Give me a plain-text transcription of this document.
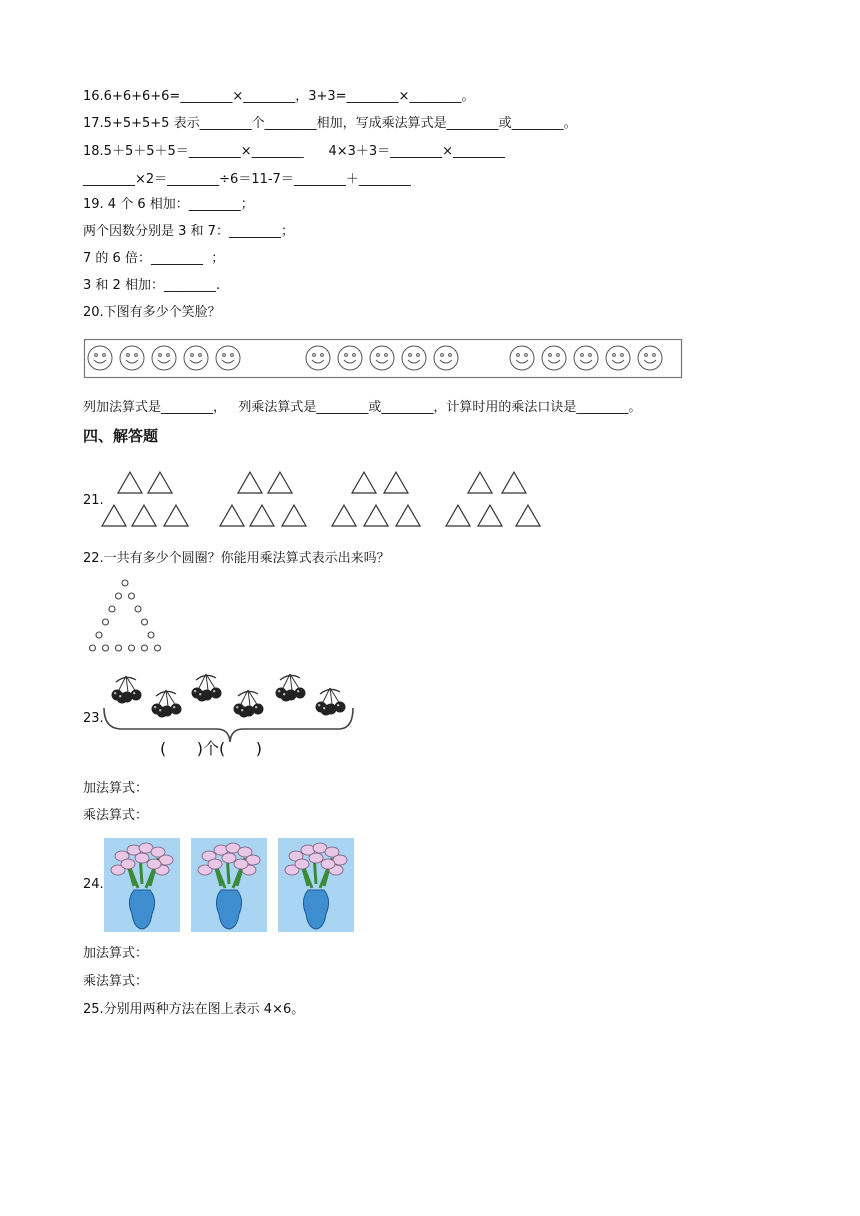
16.6+6+6+6=________×________，3+3=________×________。
17.5+5+5+5 表示________个________相加，写成乘法算式是________或________。
18.5＋5＋5＋5＝________×________      4×3＋3＝________×________
________×2＝________÷6＝11-7＝________＋________
19. 4 个 6 相加：________；
两个因数分别是 3 和 7：________；
7 的 6 倍：________  ；
3 和 2 相加：________.
20.下图有多少个笑脸？
列加法算式是________，   列乘法算式是________或________，计算时用的乘法口诀是________。
四、解答题
21.
22.一共有多少个圆圈？你能用乘法算式表示出来吗？
23.
(      )个(      )
加法算式：
乘法算式：
24.
加法算式：
乘法算式：
25.分别用两种方法在图上表示 4×6。
